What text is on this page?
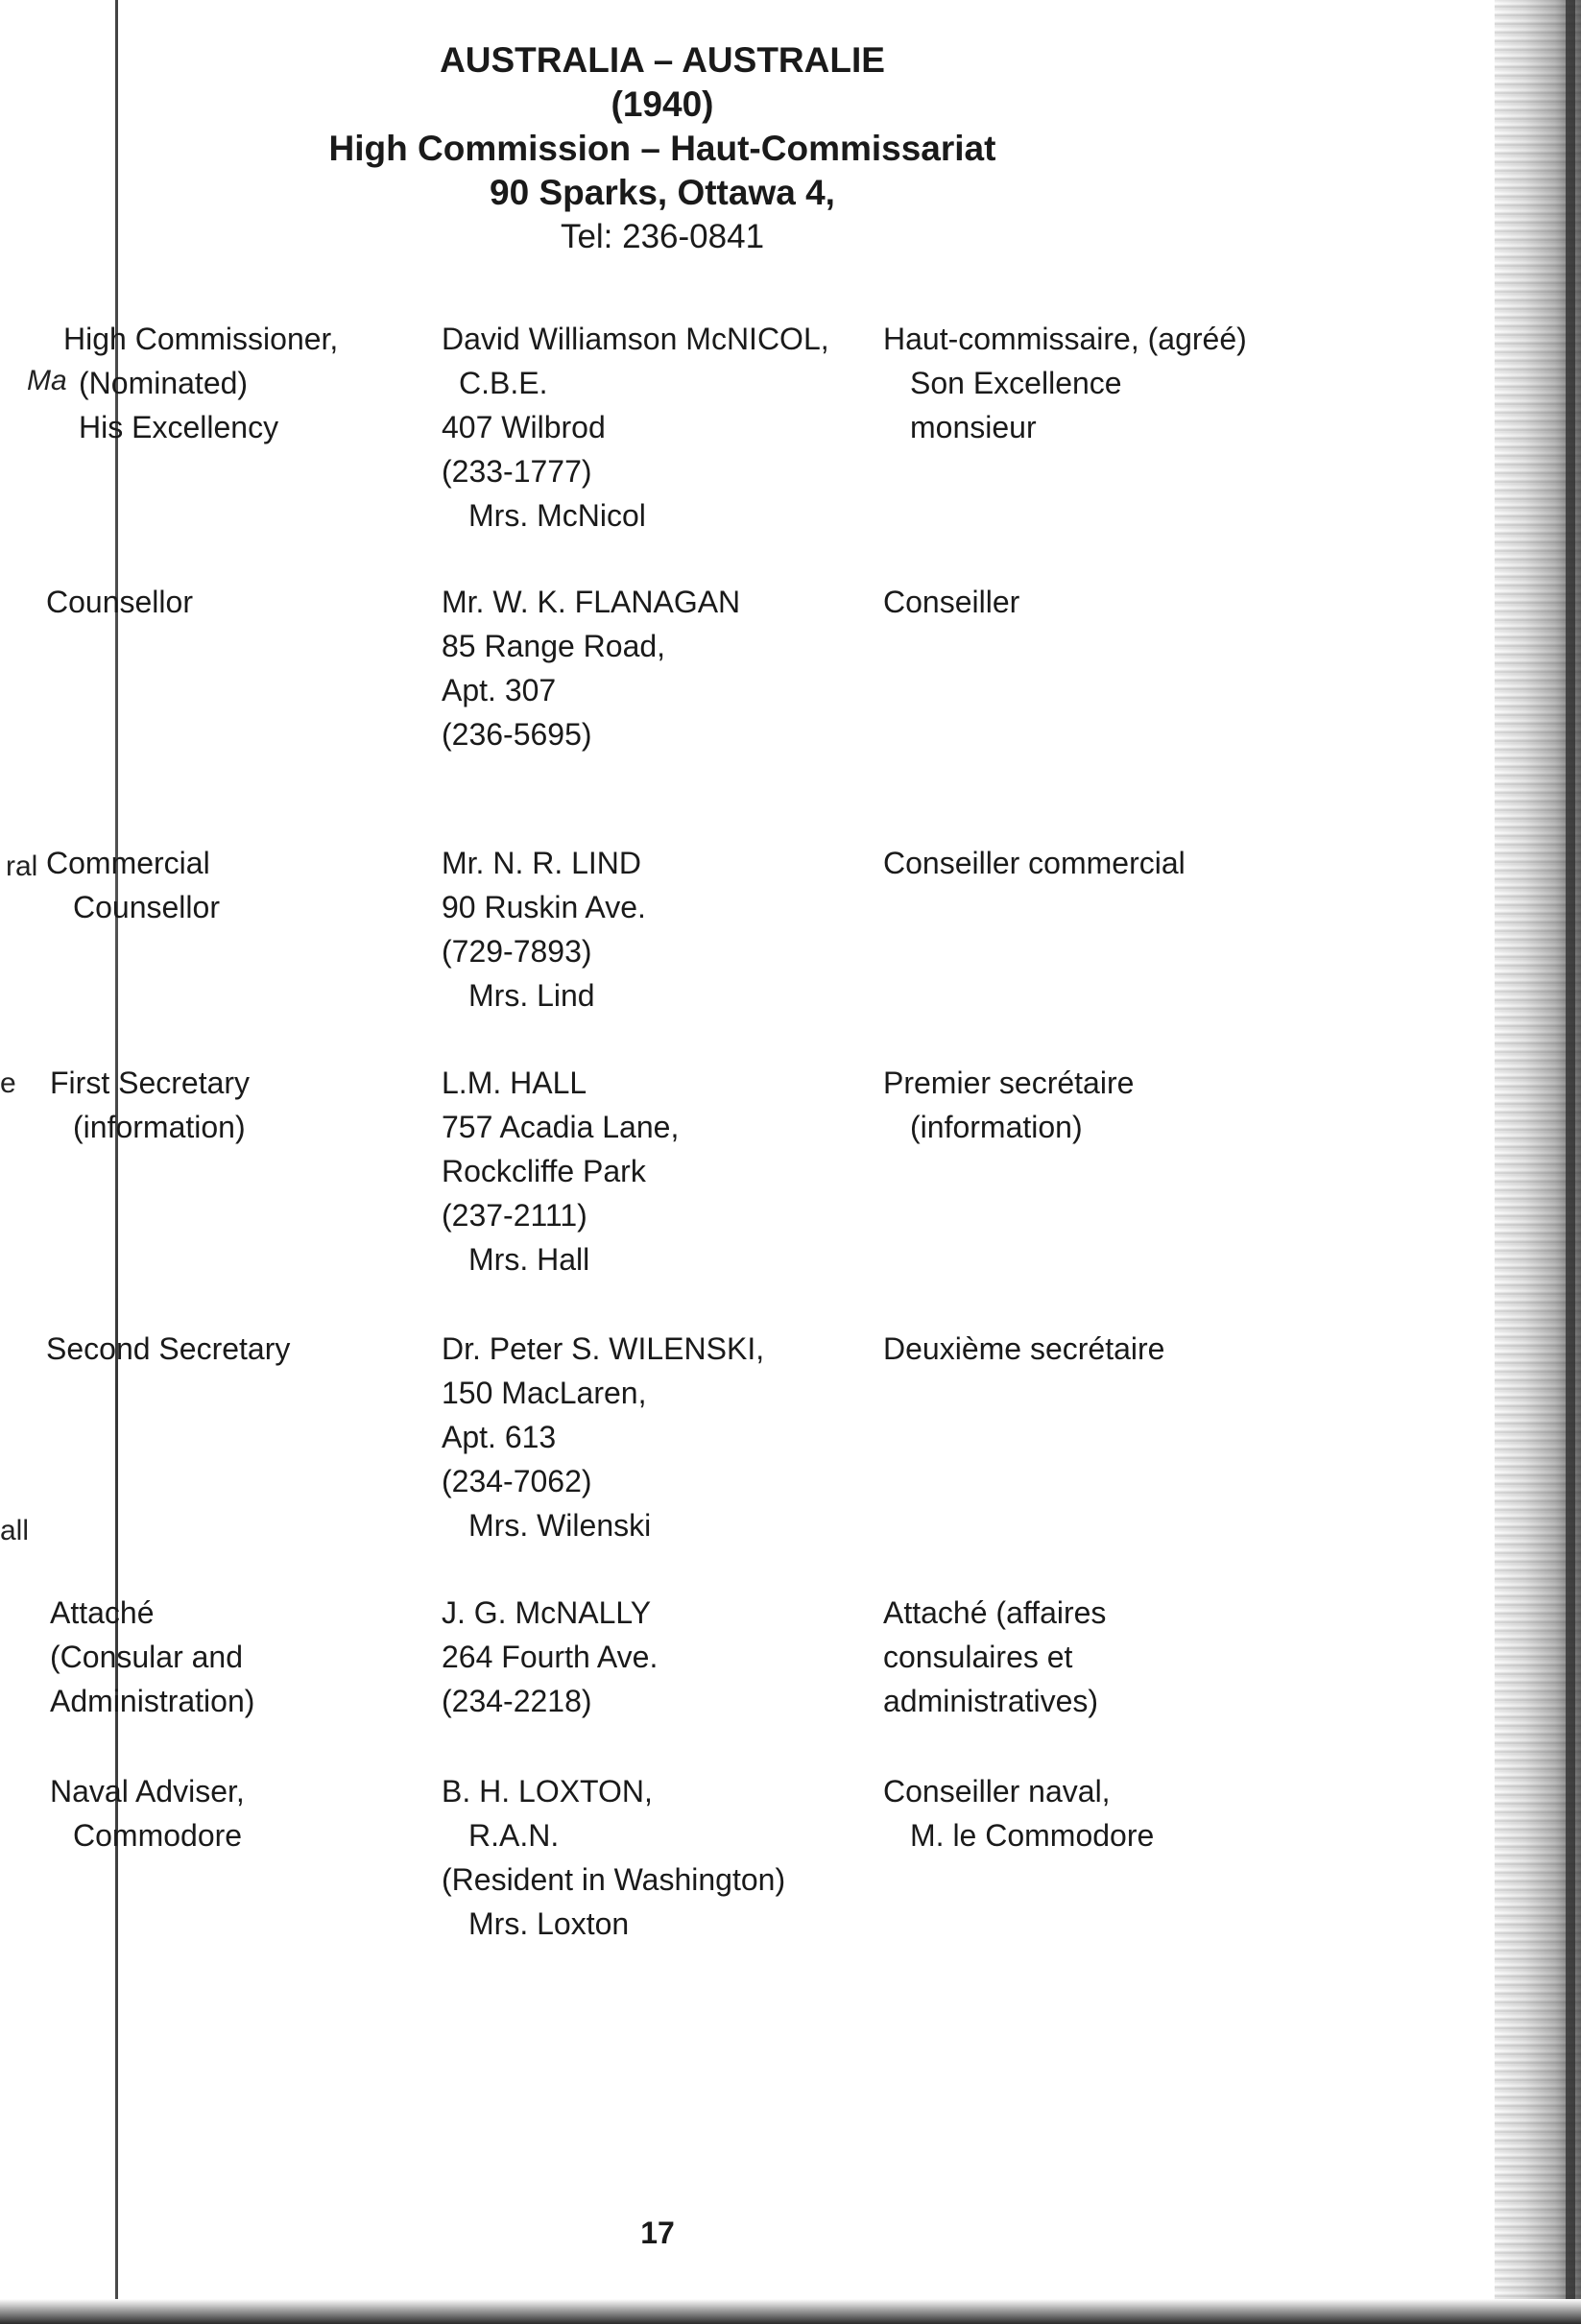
Ma
ral
e
all
AUSTRALIA – AUSTRALIE
(1940)
High Commission – Haut-Commissariat
90 Sparks, Ottawa 4,
Tel: 236-0841
High Commissioner,
(Nominated)
His Excellency
David Williamson McNICOL,
C.B.E.
407 Wilbrod
(233-1777)
Mrs. McNicol
Haut-commissaire, (agréé)
Son Excellence
monsieur
Counsellor	Mr. W. K. FLANAGAN
85 Range Road,
Apt. 307
(236-5695)
Conseiller
Commercial
Counsellor
Mr. N. R. LIND
90 Ruskin Ave.
(729-7893)
Mrs. Lind
Conseiller commercial
First Secretary
(information)
L.M. HALL
757 Acadia Lane,
Rockcliffe Park
(237-2111)
Mrs. Hall
Premier secrétaire
(information)
Second Secretary	Dr. Peter S. WILENSKI,
150 MacLaren,
Apt. 613
(234-7062)
Mrs. Wilenski
Deuxième secrétaire
Attaché
(Consular and
Administration)
J. G. McNALLY
264 Fourth Ave.
(234-2218)
Attaché (affaires
consulaires et
administratives)
Naval Adviser,
Commodore
B. H. LOXTON,
R.A.N.
(Resident in Washington)
Mrs. Loxton
Conseiller naval,
M. le Commodore
17
